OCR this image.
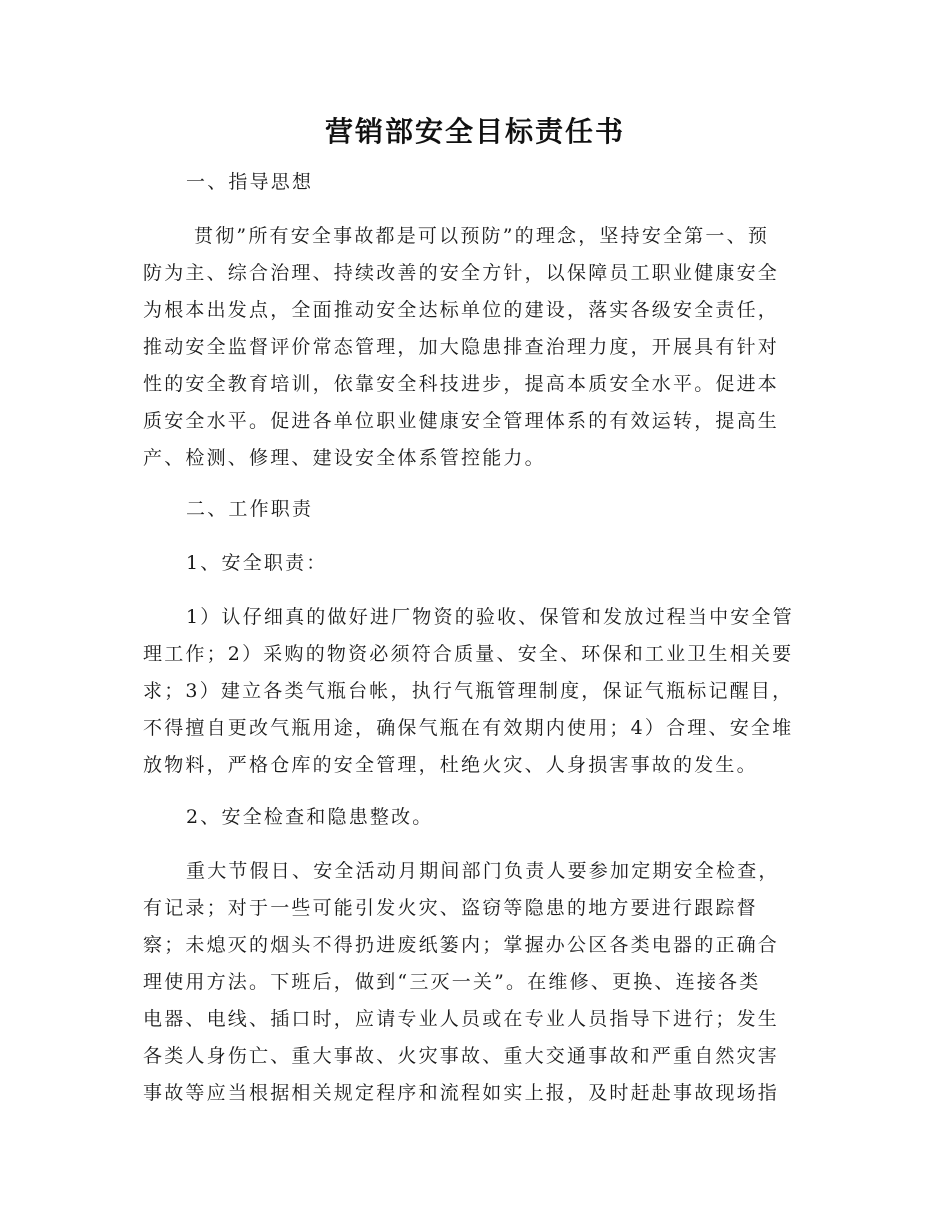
营销部安全目标责任书

一、指导思想

贯彻”所有安全事故都是可以预防”的理念，坚持安全第一、预

防为主、综合治理、持续改善的安全方针，以保障员工职业健康安全

为根本出发点，全面推动安全达标单位的建设，落实各级安全责任，

推动安全监督评价常态管理，加大隐患排查治理力度，开展具有针对

性的安全教育培训，依靠安全科技进步，提高本质安全水平。促进本

质安全水平。促进各单位职业健康安全管理体系的有效运转，提高生

产、检测、修理、建设安全体系管控能力。

二、工作职责

1、安全职责：

1）认仔细真的做好进厂物资的验收、保管和发放过程当中安全管

理工作；2）采购的物资必须符合质量、安全、环保和工业卫生相关要

求；3）建立各类气瓶台帐，执行气瓶管理制度，保证气瓶标记醒目，

不得擅自更改气瓶用途，确保气瓶在有效期内使用；4）合理、安全堆

放物料，严格仓库的安全管理，杜绝火灾、人身损害事故的发生。

2、安全检查和隐患整改。

重大节假日、安全活动月期间部门负责人要参加定期安全检查，

有记录；对于一些可能引发火灾、盗窃等隐患的地方要进行跟踪督

察；未熄灭的烟头不得扔进废纸篓内；掌握办公区各类电器的正确合

理使用方法。下班后，做到“三灭一关”。在维修、更换、连接各类

电器、电线、插口时，应请专业人员或在专业人员指导下进行；发生

各类人身伤亡、重大事故、火灾事故、重大交通事故和严重自然灾害

事故等应当根据相关规定程序和流程如实上报，及时赶赴事故现场指
